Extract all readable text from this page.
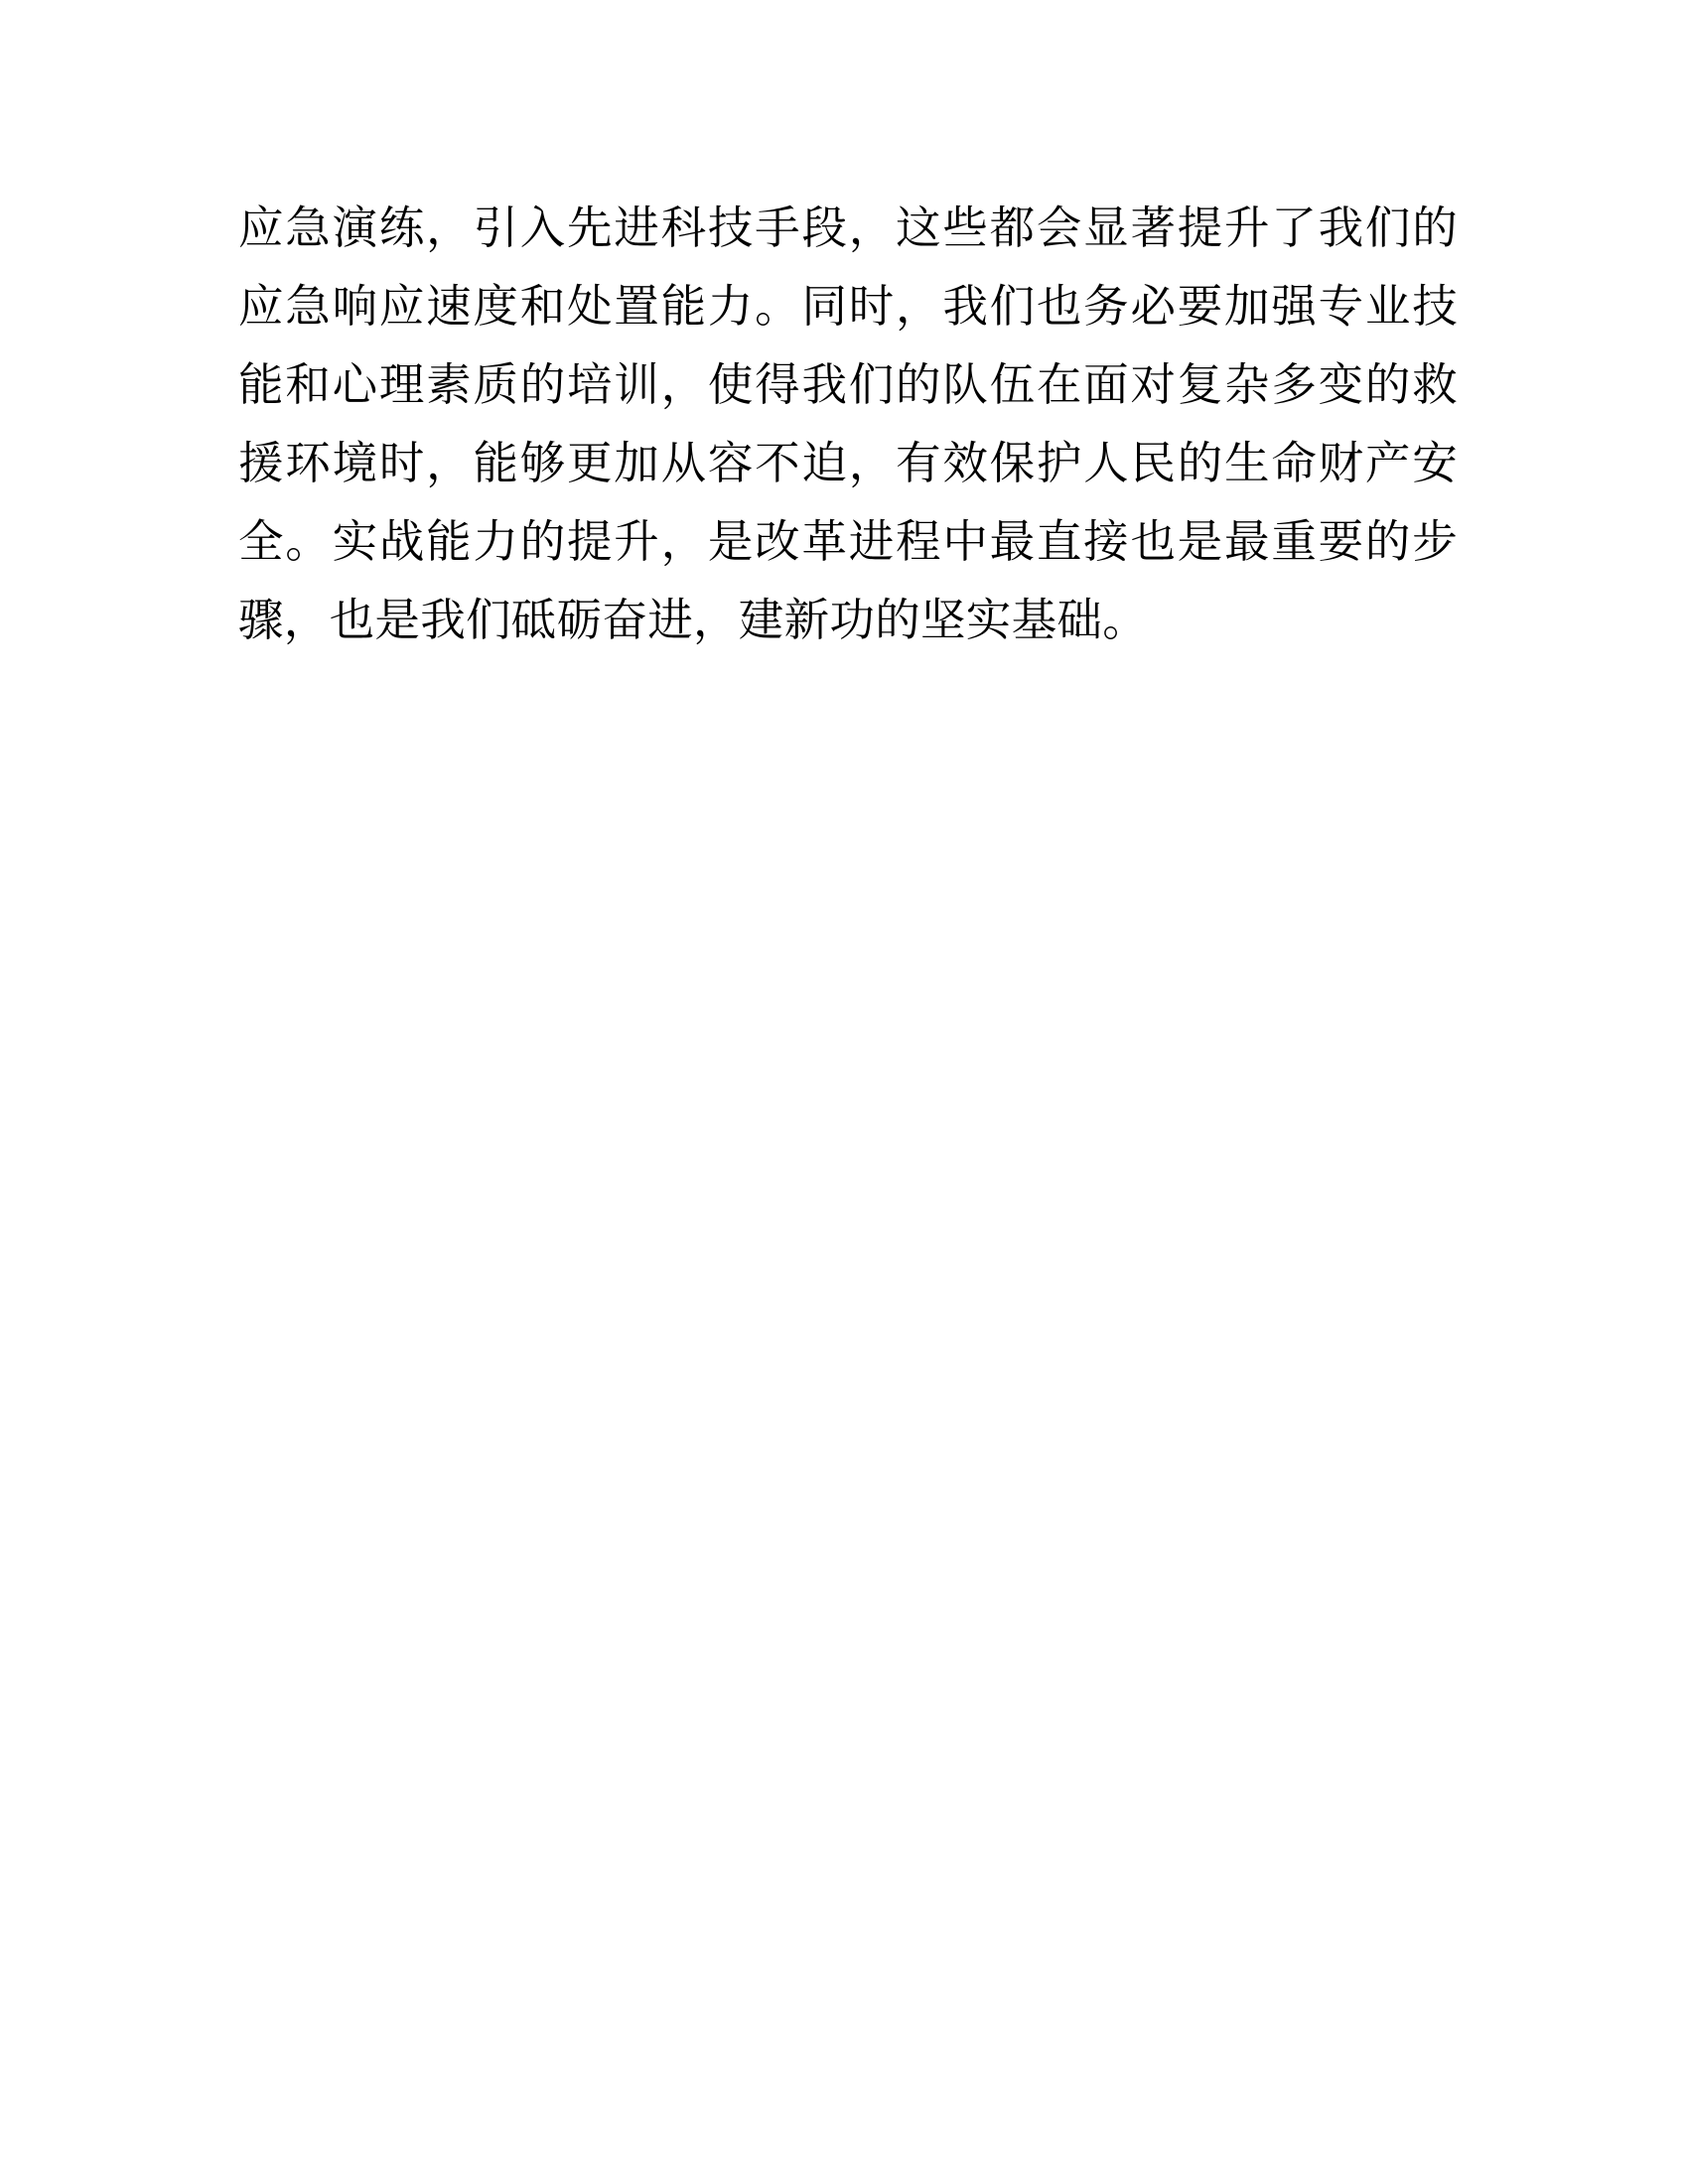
应急演练，引入先进科技手段，这些都会显著提升了我们的应急响应速度和处置能力。同时，我们也务必要加强专业技能和心理素质的培训，使得我们的队伍在面对复杂多变的救援环境时，能够更加从容不迫，有效保护人民的生命财产安全。实战能力的提升，是改革进程中最直接也是最重要的步骤，也是我们砥砺奋进，建新功的坚实基础。
